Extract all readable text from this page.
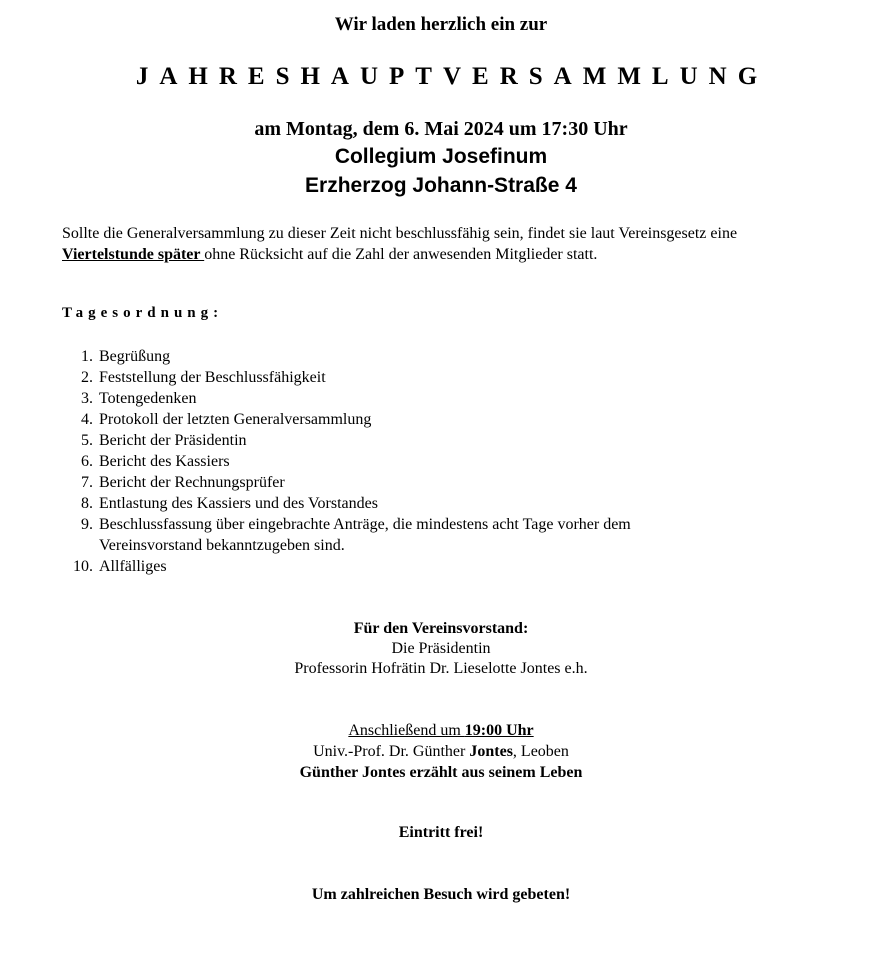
Wir laden herzlich ein zur
JAHRESHAUPTVERSAMMLUNG
am Montag, dem 6. Mai 2024 um 17:30 Uhr
Collegium Josefinum
Erzherzog Johann-Straße 4
Sollte die Generalversammlung zu dieser Zeit nicht beschlussfähig sein, findet sie laut Vereinsgesetz eine Viertelstunde später ohne Rücksicht auf die Zahl der anwesenden Mitglieder statt.
Tagesordnung:
1. Begrüßung
2. Feststellung der Beschlussfähigkeit
3. Totengedenken
4. Protokoll der letzten Generalversammlung
5. Bericht der Präsidentin
6. Bericht des Kassiers
7. Bericht der Rechnungsprüfer
8. Entlastung des Kassiers und des Vorstandes
9. Beschlussfassung über eingebrachte Anträge, die mindestens acht Tage vorher dem Vereinsvorstand bekanntzugeben sind.
10. Allfälliges
Für den Vereinsvorstand:
Die Präsidentin
Professorin Hofrätin Dr. Lieselotte Jontes e.h.
Anschließend um 19:00 Uhr
Univ.-Prof. Dr. Günther Jontes, Leoben
Günther Jontes erzählt aus seinem Leben
Eintritt frei!
Um zahlreichen Besuch wird gebeten!
